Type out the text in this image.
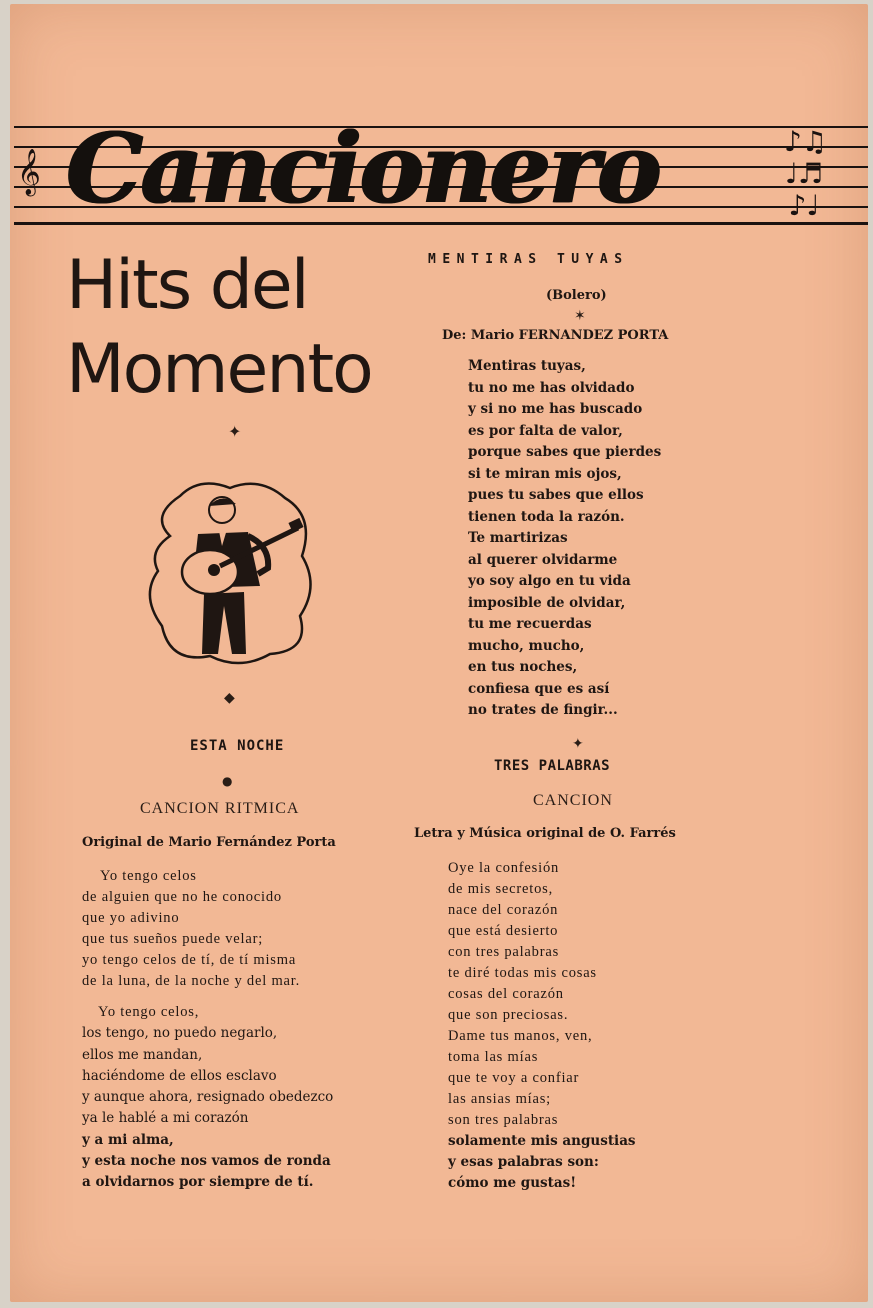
𝄞
♪♫
♩♬
♪♩
Cancionero
Hits del
Momento
✦
◆
ESTA NOCHE
●
CANCION RITMICA
Original de Mario Fernández Porta
Yo tengo celos
de alguien que no he conocido
que yo adivino
que tus sueños puede velar;
yo tengo celos de tí, de tí misma
de la luna, de la noche y del mar.
Yo tengo celos,
los tengo, no puedo negarlo,
ellos me mandan,
haciéndome de ellos esclavo
y aunque ahora, resignado obedezco
ya le hablé a mi corazón
y a mi alma,
y esta noche nos vamos de ronda
a olvidarnos por siempre de tí.
MENTIRAS TUYAS
(Bolero)
✶
De: Mario FERNANDEZ PORTA
Mentiras tuyas,
tu no me has olvidado
y si no me has buscado
es por falta de valor,
porque sabes que pierdes
si te miran mis ojos,
pues tu sabes que ellos
tienen toda la razón.
Te martirizas
al querer olvidarme
yo soy algo en tu vida
imposible de olvidar,
tu me recuerdas
mucho, mucho,
en tus noches,
confiesa que es así
no trates de fingir...
✦
TRES PALABRAS
CANCION
Letra y Música original de O. Farrés
Oye la confesión
de mis secretos,
nace del corazón
que está desierto
con tres palabras
te diré todas mis cosas
cosas del corazón
que son preciosas.
Dame tus manos, ven,
toma las mías
que te voy a confiar
las ansias mías;
son tres palabras
solamente mis angustias
y esas palabras son:
cómo me gustas!
